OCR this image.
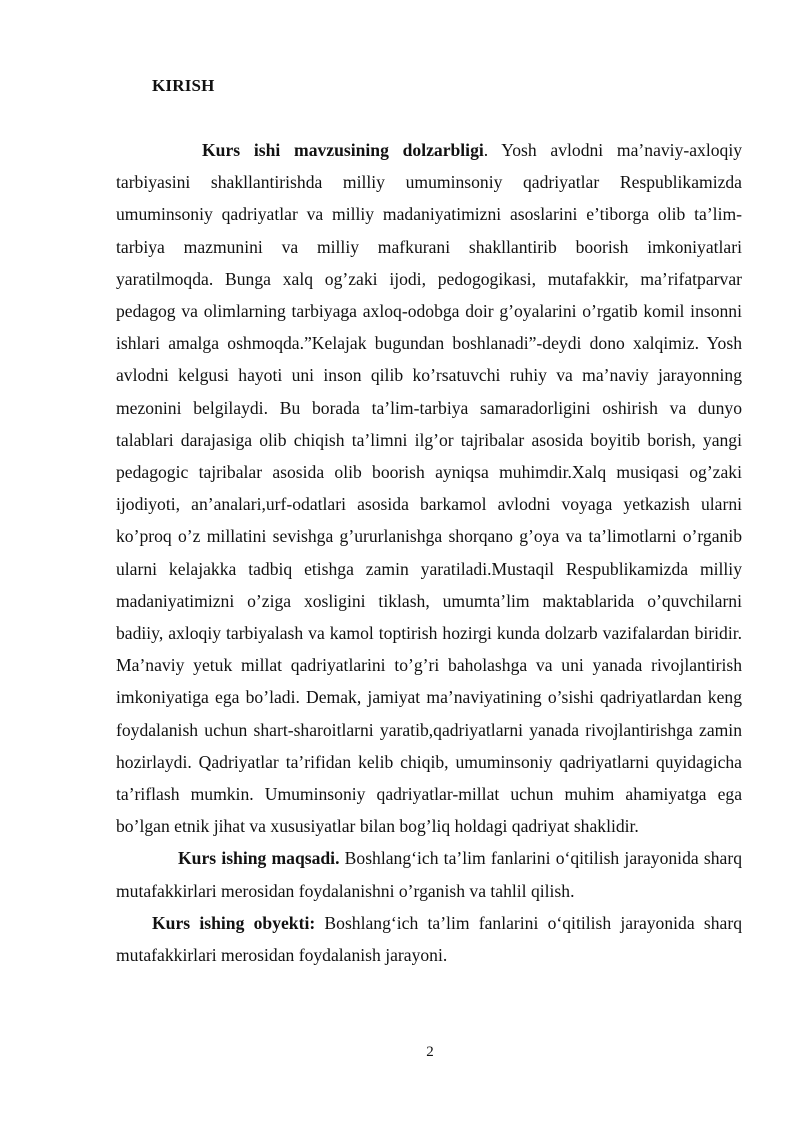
KIRISH

Kurs ishi mavzusining dolzarbligi. Yosh avlodni ma’naviy-axloqiy tarbiyasini shakllantirishda milliy umuminsoniy qadriyatlar Respublikamizda umuminsoniy qadriyatlar va milliy madaniyatimizni asoslarini e’tiborga olib ta’lim-tarbiya mazmunini va milliy mafkurani shakllantirib boorish imkoniyatlari yaratilmoqda. Bunga xalq og’zaki ijodi, pedogogikasi, mutafakkir, ma’rifatparvar pedagog va olimlarning tarbiyaga axloq-odobga doir g’oyalarini o’rgatib komil insonni ishlari amalga oshmoqda.”Kelajak bugundan boshlanadi”-deydi dono xalqimiz. Yosh avlodni kelgusi hayoti uni inson qilib ko’rsatuvchi ruhiy va ma’naviy jarayonning mezonini belgilaydi. Bu borada ta’lim-tarbiya samaradorligini oshirish va dunyo talablari darajasiga olib chiqish ta’limni ilg’or tajribalar asosida boyitib borish, yangi pedagogic tajribalar asosida olib boorish ayniqsa muhimdir.Xalq musiqasi og’zaki ijodiyoti, an’analari,urf-odatlari asosida barkamol avlodni voyaga yetkazish ularni ko’proq o’z millatini sevishga g’ururlanishga shorqano g’oya va ta’limotlarni o’rganib ularni kelajakka tadbiq etishga zamin yaratiladi.Mustaqil Respublikamizda milliy madaniyatimizni o’ziga xosligini tiklash, umumta’lim maktablarida o’quvchilarni badiiy, axloqiy tarbiyalash va kamol toptirish hozirgi kunda dolzarb vazifalardan biridir. Ma’naviy yetuk millat qadriyatlarini to’g’ri baholashga va uni yanada rivojlantirish imkoniyatiga ega bo’ladi. Demak, jamiyat ma’naviyatining o’sishi qadriyatlardan keng foydalanish uchun shart-sharoitlarni yaratib,qadriyatlarni yanada rivojlantirishga zamin hozirlaydi. Qadriyatlar ta’rifidan kelib chiqib, umuminsoniy qadriyatlarni quyidagicha ta’riflash mumkin. Umuminsoniy qadriyatlar-millat uchun muhim ahamiyatga ega bo’lgan etnik jihat va xususiyatlar bilan bog’liq holdagi qadriyat shaklidir.

Kurs ishing maqsadi. Boshlang‘ich ta’lim fanlarini o‘qitilish jarayonida sharq mutafakkirlari merosidan foydalanishni o’rganish va tahlil qilish.

Kurs ishing obyekti: Boshlang‘ich ta’lim fanlarini o‘qitilish jarayonida sharq mutafakkirlari merosidan foydalanish jarayoni.

2
